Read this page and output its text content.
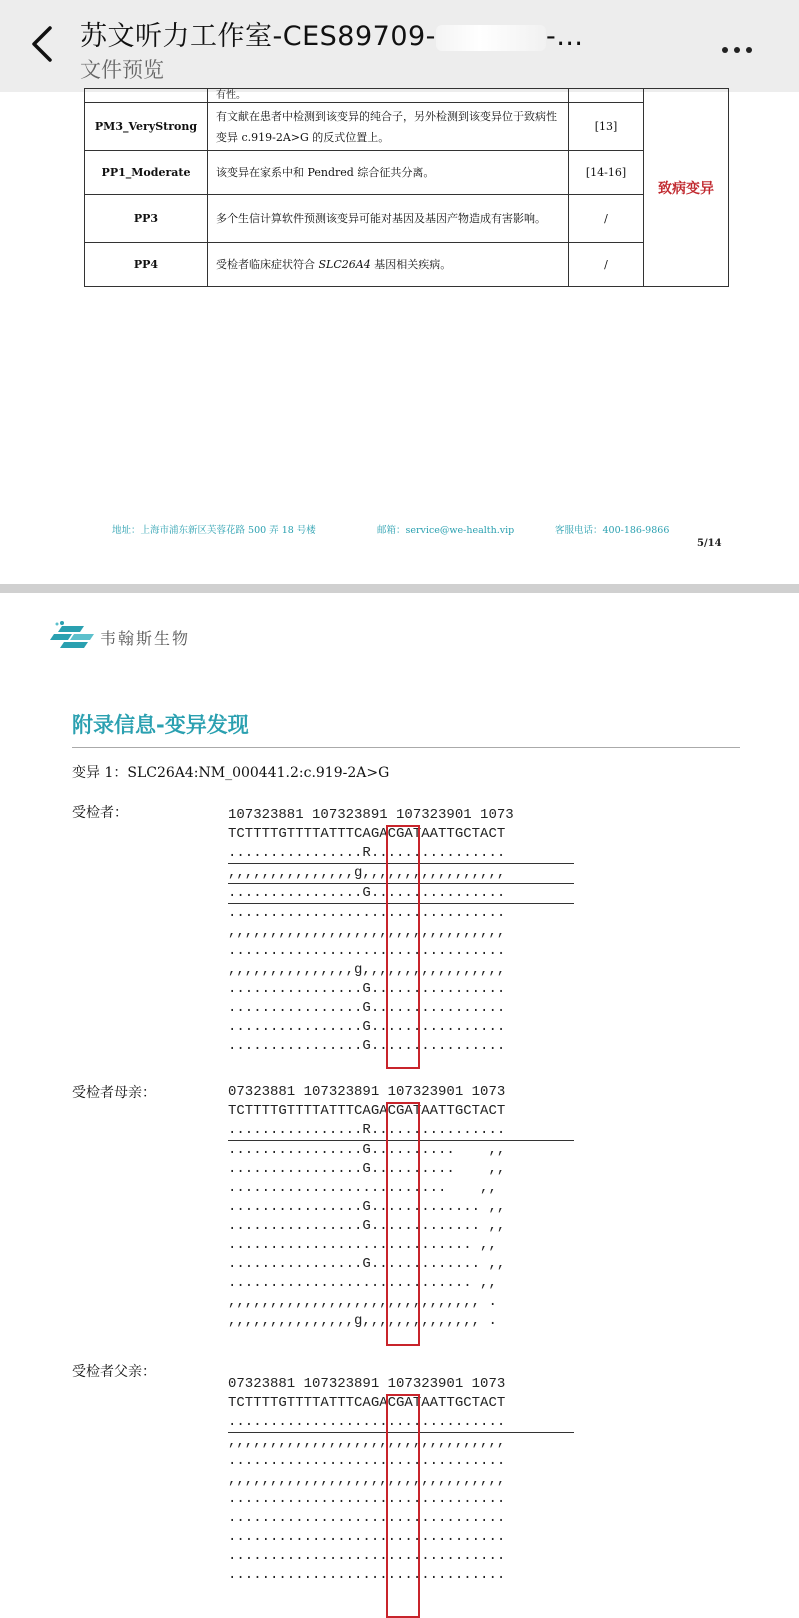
苏文听力工作室-CES89709-	-…
文件预览
	有性。		致病变异
PM3_VeryStrong	有文献在患者中检测到该变异的纯合子，另外检测到该变异位于致病性变异 c.919-2A>G 的反式位置上。	[13]	
PP1_Moderate	该变异在家系中和 Pendred 综合征共分离。	[14-16]	
PP3	多个生信计算软件预测该变异可能对基因及基因产物造成有害影响。	/	
PP4	受检者临床症状符合 SLC26A4 基因相关疾病。	/	
地址：上海市浦东新区芙蓉花路 500 弄 18 号楼	邮箱：service@we-health.vip	客服电话：400-186-9866
5/14
韦翰斯生物
附录信息-变异发现
变异 1：SLC26A4:NM_000441.2:c.919-2A>G
受检者：	107323881 107323891 107323901 1073
TCTTTTGTTTTATTTCAGACGATAATTGCTACT
................R................
,,,,,,,,,,,,,,,g,,,,,,,,,,,,,,,,,
................G................
.................................
,,,,,,,,,,,,,,,,,,,,,,,,,,,,,,,,,
.................................
,,,,,,,,,,,,,,,g,,,,,,,,,,,,,,,,,
................G................
................G................
................G................
................G................
受检者母亲：	07323881 107323891 107323901 1073
TCTTTTGTTTTATTTCAGACGATAATTGCTACT
................R................
................G..........    ,,
................G..........    ,,
..........................    ,,
................G............. ,,
................G............. ,,
............................. ,,
................G............. ,,
............................. ,,
,,,,,,,,,,,,,,,,,,,,,,,,,,,,,, .
,,,,,,,,,,,,,,,g,,,,,,,,,,,,,, .
受检者父亲：
07323881 107323891 107323901 1073
TCTTTTGTTTTATTTCAGACGATAATTGCTACT
.................................
,,,,,,,,,,,,,,,,,,,,,,,,,,,,,,,,,
.................................
,,,,,,,,,,,,,,,,,,,,,,,,,,,,,,,,,
.................................
.................................
.................................
.................................
.................................
